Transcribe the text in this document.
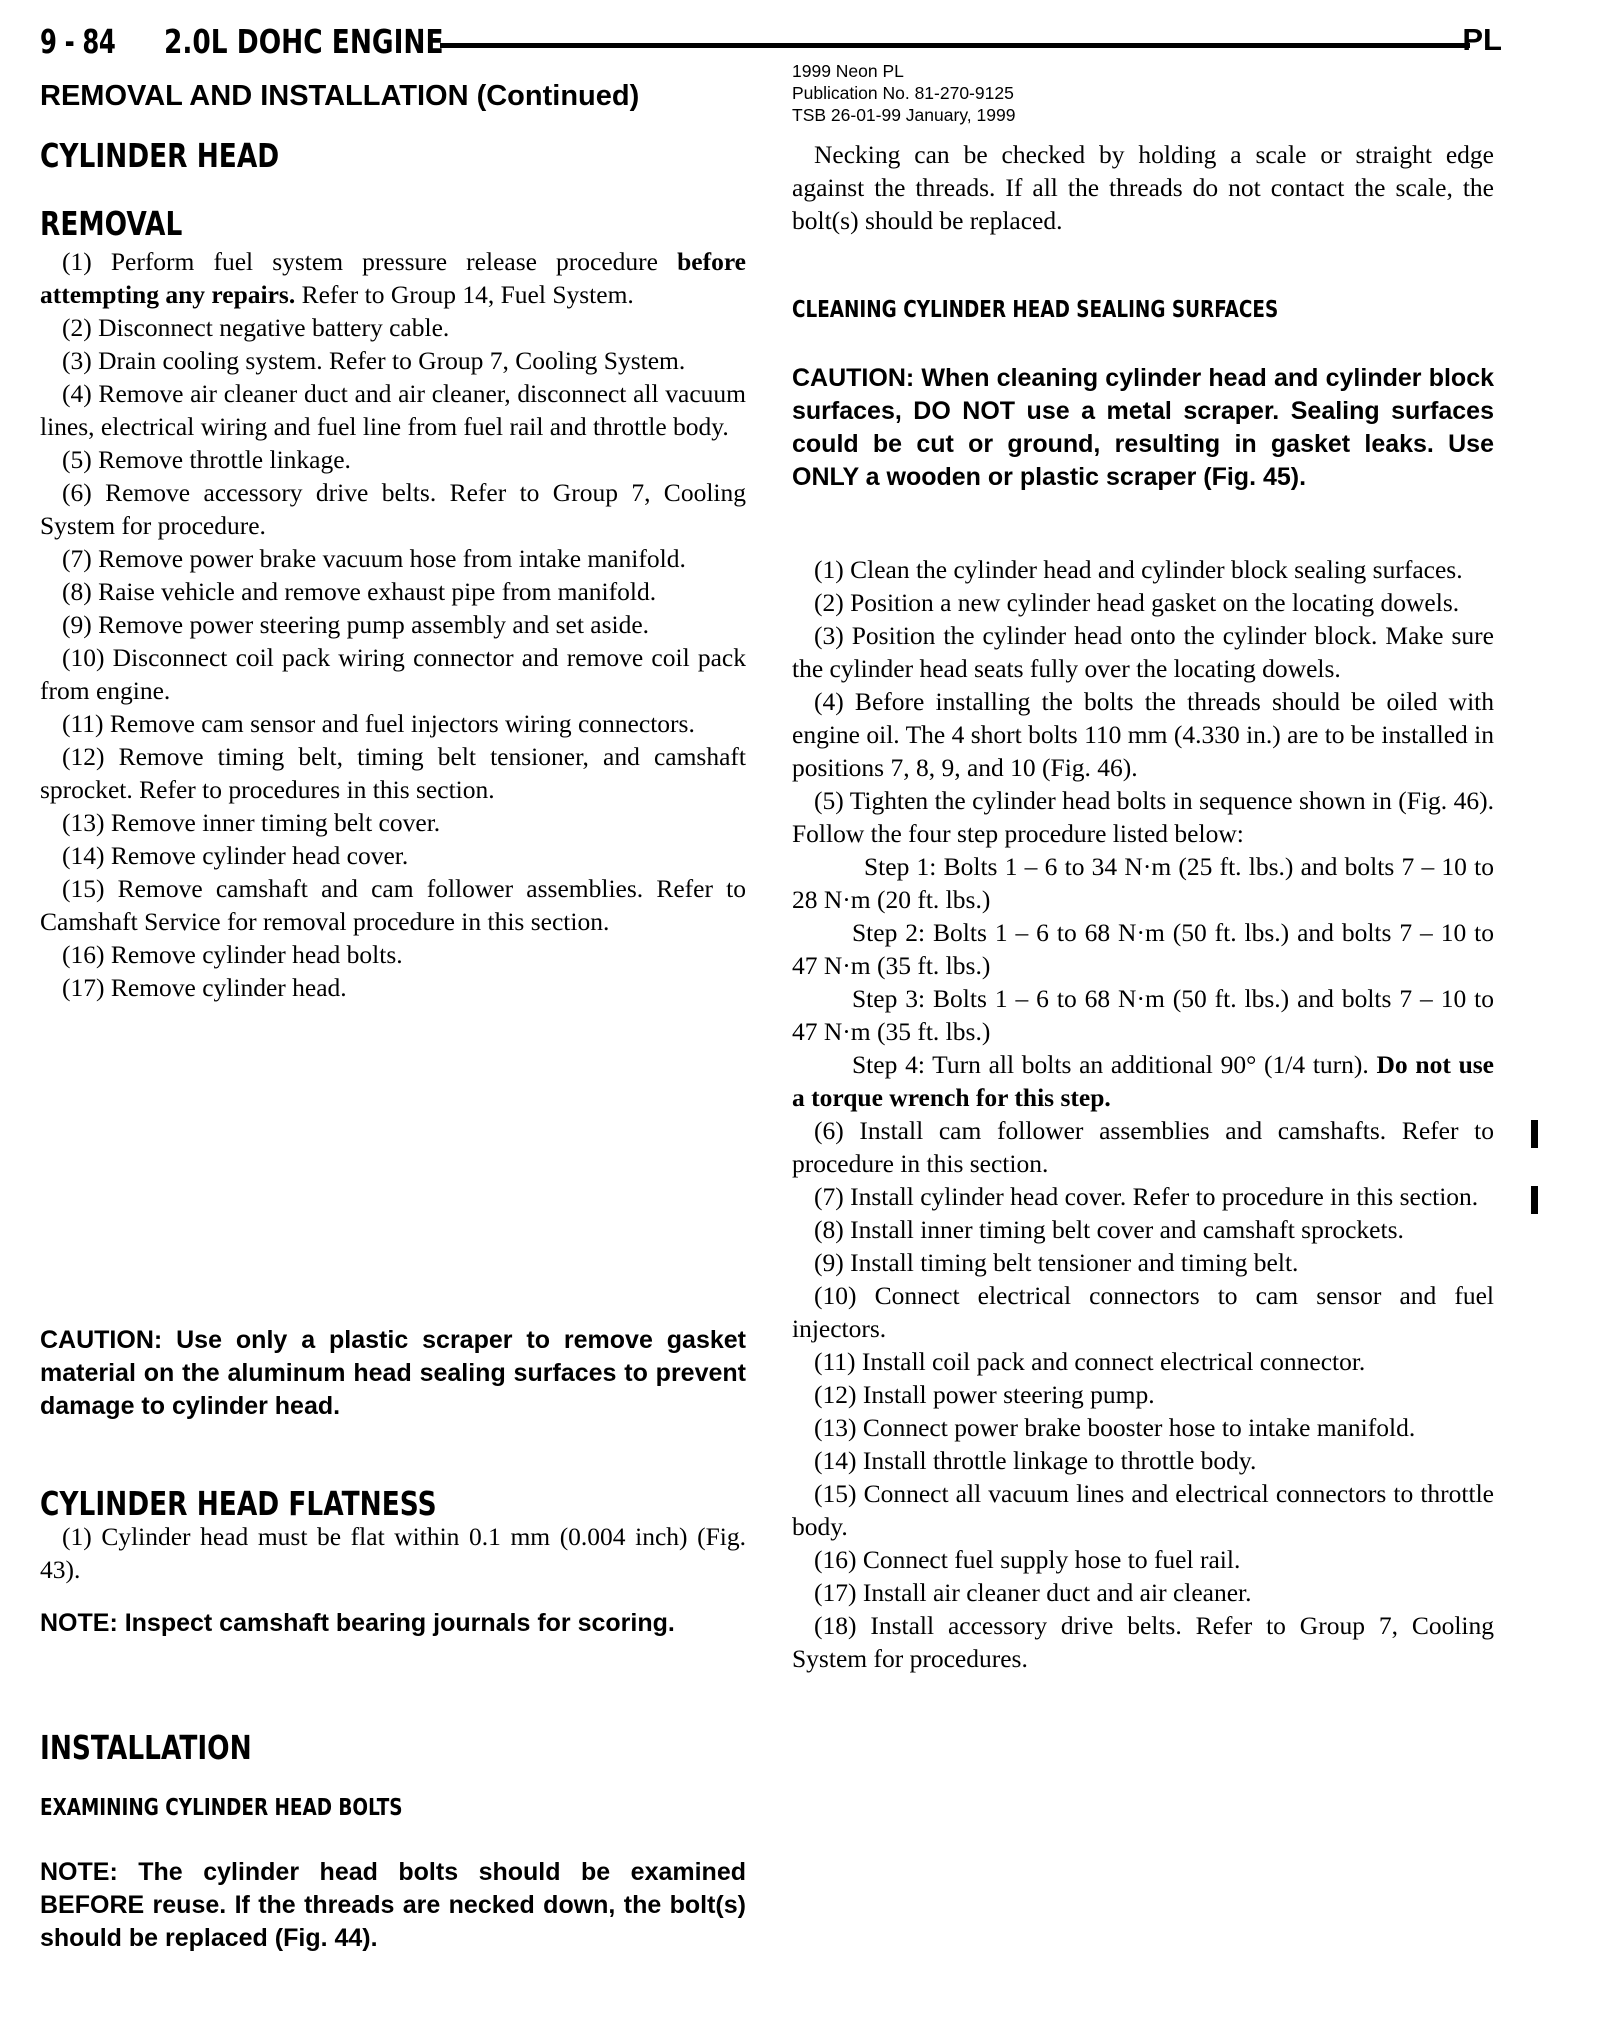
9 - 84 2.0L DOHC ENGINE	PL
1999 Neon PL
Publication No. 81-270-9125
TSB 26-01-99 January, 1999
REMOVAL AND INSTALLATION (Continued)
CYLINDER HEAD
REMOVAL

(1) Perform fuel system pressure release procedure before attempting any repairs. Refer to Group 14, Fuel System.

(2) Disconnect negative battery cable.

(3) Drain cooling system. Refer to Group 7, Cooling System.

(4) Remove air cleaner duct and air cleaner, disconnect all vacuum lines, electrical wiring and fuel line from fuel rail and throttle body.

(5) Remove throttle linkage.

(6) Remove accessory drive belts. Refer to Group 7, Cooling System for procedure.

(7) Remove power brake vacuum hose from intake manifold.

(8) Raise vehicle and remove exhaust pipe from manifold.

(9) Remove power steering pump assembly and set aside.

(10) Disconnect coil pack wiring connector and remove coil pack from engine.

(11) Remove cam sensor and fuel injectors wiring connectors.

(12) Remove timing belt, timing belt tensioner, and camshaft sprocket. Refer to procedures in this section.

(13) Remove inner timing belt cover.

(14) Remove cylinder head cover.

(15) Remove camshaft and cam follower assemblies. Refer to Camshaft Service for removal procedure in this section.

(16) Remove cylinder head bolts.

(17) Remove cylinder head.

CAUTION: Use only a plastic scraper to remove gasket material on the aluminum head sealing surfaces to prevent damage to cylinder head.
CYLINDER HEAD FLATNESS

(1) Cylinder head must be flat within 0.1 mm (0.004 inch) (Fig. 43).

NOTE: Inspect camshaft bearing journals for scoring.
INSTALLATION
EXAMINING CYLINDER HEAD BOLTS
NOTE: The cylinder head bolts should be examined BEFORE reuse. If the threads are necked down, the bolt(s) should be replaced (Fig. 44).

Necking can be checked by holding a scale or straight edge against the threads. If all the threads do not contact the scale, the bolt(s) should be replaced.

CLEANING CYLINDER HEAD SEALING SURFACES
CAUTION: When cleaning cylinder head and cylinder block surfaces, DO NOT use a metal scraper. Sealing surfaces could be cut or ground, resulting in gasket leaks. Use ONLY a wooden or plastic scraper (Fig. 45).

(1) Clean the cylinder head and cylinder block sealing surfaces.

(2) Position a new cylinder head gasket on the locating dowels.

(3) Position the cylinder head onto the cylinder block. Make sure the cylinder head seats fully over the locating dowels.

(4) Before installing the bolts the threads should be oiled with engine oil. The 4 short bolts 110 mm (4.330 in.) are to be installed in positions 7, 8, 9, and 10 (Fig. 46).

(5) Tighten the cylinder head bolts in sequence shown in (Fig. 46). Follow the four step procedure listed below:

Step 1: Bolts 1 – 6 to 34 N·m (25 ft. lbs.) and bolts 7 – 10 to 28 N·m (20 ft. lbs.)

Step 2: Bolts 1 – 6 to 68 N·m (50 ft. lbs.) and bolts 7 – 10 to 47 N·m (35 ft. lbs.)

Step 3: Bolts 1 – 6 to 68 N·m (50 ft. lbs.) and bolts 7 – 10 to 47 N·m (35 ft. lbs.)

Step 4: Turn all bolts an additional 90° (1/4 turn). Do not use a torque wrench for this step.

(6) Install cam follower assemblies and camshafts. Refer to procedure in this section.

(7) Install cylinder head cover. Refer to procedure in this section.

(8) Install inner timing belt cover and camshaft sprockets.

(9) Install timing belt tensioner and timing belt.

(10) Connect electrical connectors to cam sensor and fuel injectors.

(11) Install coil pack and connect electrical connector.

(12) Install power steering pump.

(13) Connect power brake booster hose to intake manifold.

(14) Install throttle linkage to throttle body.

(15) Connect all vacuum lines and electrical connectors to throttle body.

(16) Connect fuel supply hose to fuel rail.

(17) Install air cleaner duct and air cleaner.

(18) Install accessory drive belts. Refer to Group 7, Cooling System for procedures.
